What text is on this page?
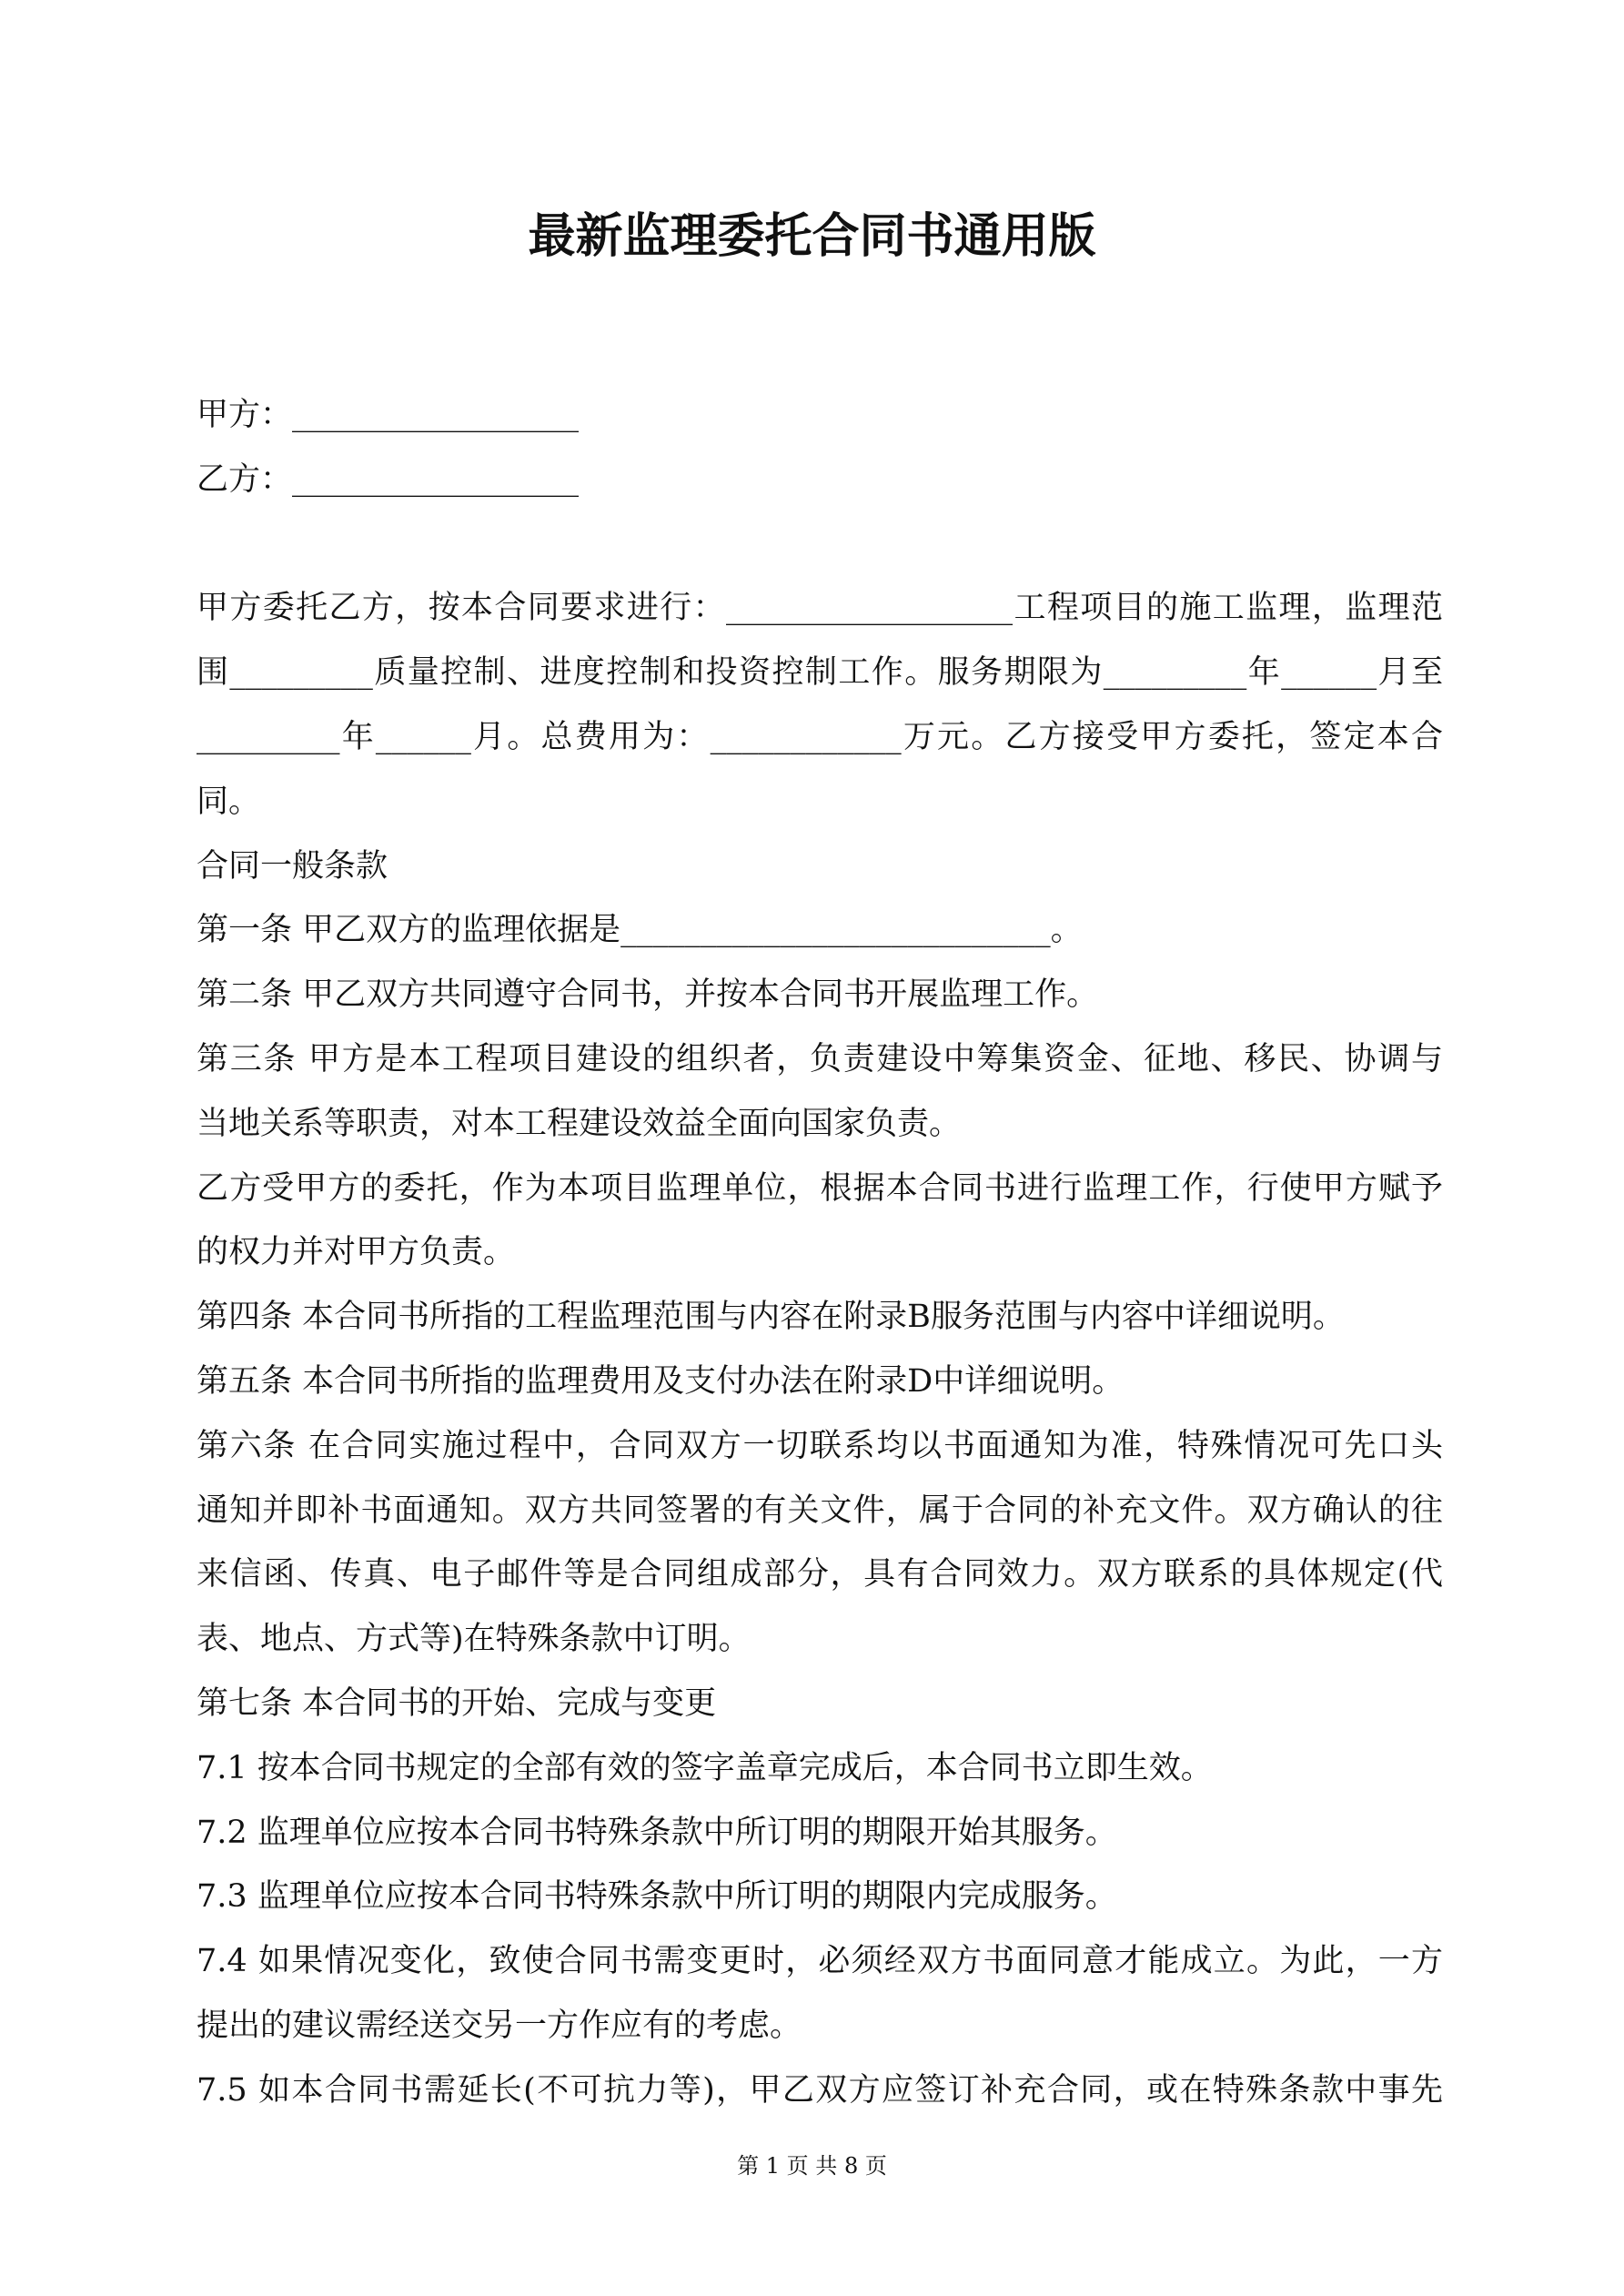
最新监理委托合同书通用版
甲方：__________________
乙方：__________________
甲方委托乙方，按本合同要求进行：__________________工程项目的施工监理，监理范
围_________质量控制、进度控制和投资控制工作。服务期限为_________年______月至
_________年______月。总费用为：____________万元。乙方接受甲方委托，签定本合
同。
合同一般条款
第一条 甲乙双方的监理依据是___________________________。
第二条 甲乙双方共同遵守合同书，并按本合同书开展监理工作。
第三条 甲方是本工程项目建设的组织者，负责建设中筹集资金、征地、移民、协调与
当地关系等职责，对本工程建设效益全面向国家负责。
乙方受甲方的委托，作为本项目监理单位，根据本合同书进行监理工作，行使甲方赋予
的权力并对甲方负责。
第四条 本合同书所指的工程监理范围与内容在附录B服务范围与内容中详细说明。
第五条 本合同书所指的监理费用及支付办法在附录D中详细说明。
第六条 在合同实施过程中，合同双方一切联系均以书面通知为准，特殊情况可先口头
通知并即补书面通知。双方共同签署的有关文件，属于合同的补充文件。双方确认的往
来信函、传真、电子邮件等是合同组成部分，具有合同效力。双方联系的具体规定(代
表、地点、方式等)在特殊条款中订明。
第七条 本合同书的开始、完成与变更
7.1 按本合同书规定的全部有效的签字盖章完成后，本合同书立即生效。
7.2 监理单位应按本合同书特殊条款中所订明的期限开始其服务。
7.3 监理单位应按本合同书特殊条款中所订明的期限内完成服务。
7.4 如果情况变化，致使合同书需变更时，必须经双方书面同意才能成立。为此，一方
提出的建议需经送交另一方作应有的考虑。
7.5 如本合同书需延长(不可抗力等)，甲乙双方应签订补充合同，或在特殊条款中事先
第 1 页 共 8 页
